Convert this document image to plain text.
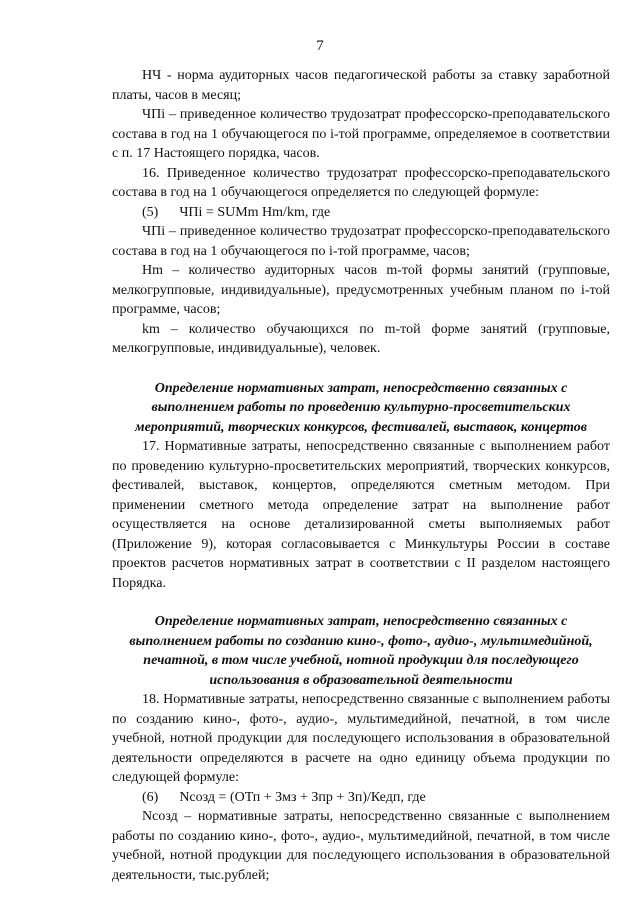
7

НЧ - норма аудиторных часов педагогической работы за ставку заработной платы, часов в месяц;

ЧПi – приведенное количество трудозатрат профессорско-преподавательского состава в год на 1 обучающегося по i-той программе, определяемое в соответствии с п. 17 Настоящего порядка, часов.

16. Приведенное количество трудозатрат профессорско-преподавательского состава в год на 1 обучающегося определяется по следующей формуле:

(5)      ЧПi = SUMm Hm/km, где

ЧПi – приведенное количество трудозатрат профессорско-преподавательского состава в год на 1 обучающегося по i-той программе, часов;

Hm – количество аудиторных часов m-той формы занятий (групповые, мелкогрупповые, индивидуальные), предусмотренных учебным планом по i-той программе, часов;

km – количество обучающихся по m-той форме занятий (групповые, мелкогрупповые, индивидуальные), человек.

Определение нормативных затрат, непосредственно связанных с выполнением работы по проведению культурно-просветительских мероприятий, творческих конкурсов, фестивалей, выставок, концертов

17. Нормативные затраты, непосредственно связанные с выполнением работ по проведению культурно-просветительских мероприятий, творческих конкурсов, фестивалей, выставок, концертов, определяются сметным методом. При применении сметного метода определение затрат на выполнение работ осуществляется на основе детализированной сметы выполняемых работ (Приложение 9), которая согласовывается с Минкультуры России в составе проектов расчетов нормативных затрат в соответствии с II разделом настоящего Порядка.

Определение нормативных затрат, непосредственно связанных с выполнением работы по созданию кино-, фото-, аудио-, мультимедийной, печатной, в том числе учебной, нотной продукции для последующего использования в образовательной деятельности

18. Нормативные затраты, непосредственно связанные с выполнением работы по созданию кино-, фото-, аудио-, мультимедийной, печатной, в том числе учебной, нотной продукции для последующего использования в образовательной деятельности определяются в расчете на одно единицу объема продукции по следующей формуле:

(6)      Nсозд = (ОТп + Змз + Зпр + Зп)/Кедп, где

Nсозд – нормативные затраты, непосредственно связанные с выполнением работы по созданию кино-, фото-, аудио-, мультимедийной, печатной, в том числе учебной, нотной продукции для последующего использования в образовательной деятельности, тыс.рублей;
